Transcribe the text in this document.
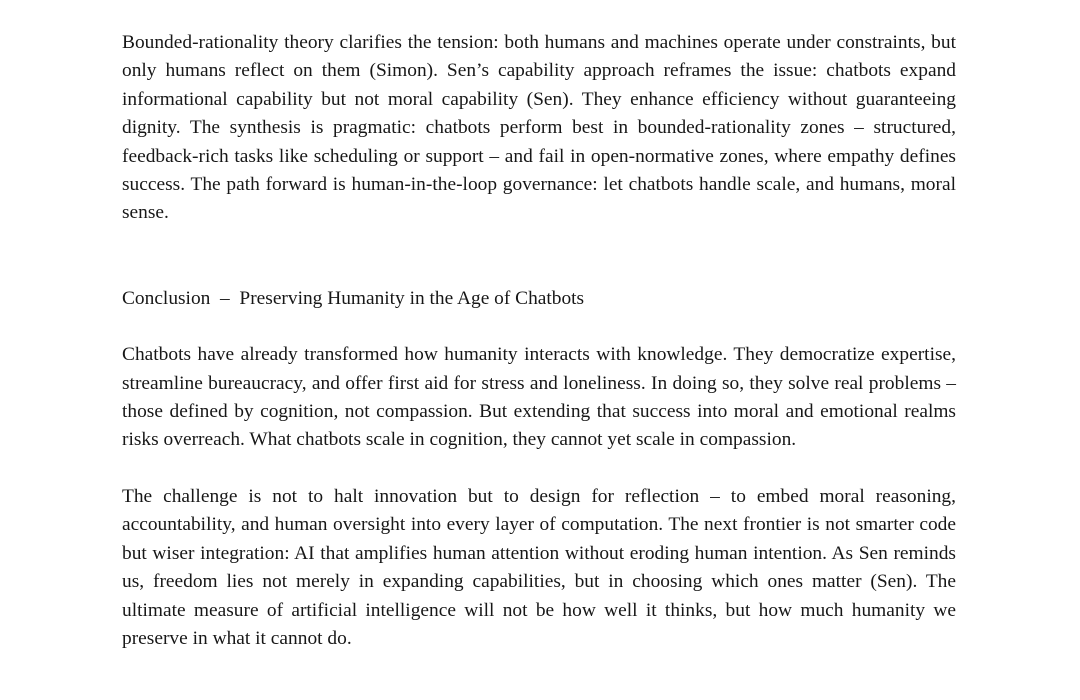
Bounded-rationality theory clarifies the tension: both humans and machines operate under constraints, but only humans reflect on them (Simon). Sen’s capability approach reframes the issue: chatbots expand informational capability but not moral capability (Sen). They enhance efficiency without guaranteeing dignity. The synthesis is pragmatic: chatbots perform best in bounded-rationality zones – structured, feedback-rich tasks like scheduling or support – and fail in open-normative zones, where empathy defines success. The path forward is human-in-the-loop governance: let chatbots handle scale, and humans, moral sense.

Conclusion  –  Preserving Humanity in the Age of Chatbots

Chatbots have already transformed how humanity interacts with knowledge. They democratize expertise, streamline bureaucracy, and offer first aid for stress and loneliness. In doing so, they solve real problems – those defined by cognition, not compassion. But extending that success into moral and emotional realms risks overreach. What chatbots scale in cognition, they cannot yet scale in compassion.

The challenge is not to halt innovation but to design for reflection – to embed moral reasoning, accountability, and human oversight into every layer of computation. The next frontier is not smarter code but wiser integration: AI that amplifies human attention without eroding human intention. As Sen reminds us, freedom lies not merely in expanding capabilities, but in choosing which ones matter (Sen). The ultimate measure of artificial intelligence will not be how well it thinks, but how much humanity we preserve in what it cannot do.
